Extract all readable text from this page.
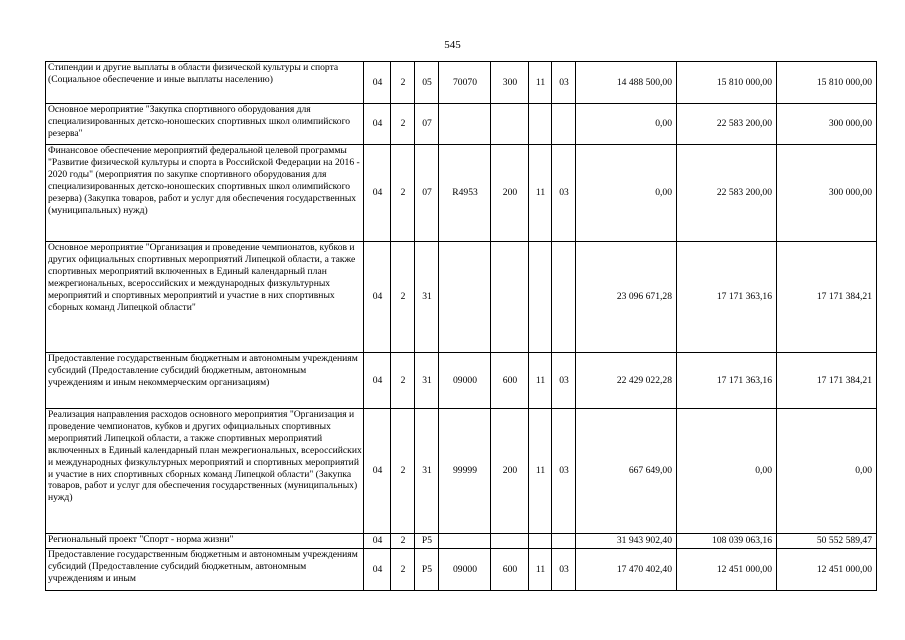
545
Стипендии и другие выплаты в области физической культуры и спорта (Социальное обеспечение и иные выплаты населению)	04	2	05	70070	300	11	03	14 488 500,00	15 810 000,00	15 810 000,00
Основное мероприятие "Закупка спортивного оборудования для специализированных детско-юношеских спортивных школ олимпийского резерва"	04	2	07					0,00	22 583 200,00	300 000,00
Финансовое обеспечение мероприятий федеральной целевой программы "Развитие физической культуры и спорта в Российской Федерации на 2016 - 2020 годы" (мероприятия по закупке спортивного оборудования для специализированных детско-юношеских спортивных школ олимпийского резерва) (Закупка товаров, работ и услуг для обеспечения государственных (муниципальных) нужд)	04	2	07	R4953	200	11	03	0,00	22 583 200,00	300 000,00
Основное мероприятие "Организация и проведение чемпионатов, кубков и других официальных спортивных мероприятий Липецкой области, а также спортивных мероприятий включенных в Единый календарный план межрегиональных, всероссийских и международных физкультурных мероприятий и спортивных мероприятий и участие в них спортивных сборных команд Липецкой области"	04	2	31					23 096 671,28	17 171 363,16	17 171 384,21
Предоставление государственным бюджетным и автономным учреждениям субсидий (Предоставление субсидий бюджетным, автономным учреждениям и иным некоммерческим организациям)	04	2	31	09000	600	11	03	22 429 022,28	17 171 363,16	17 171 384,21
Реализация направления расходов основного мероприятия "Организация и проведение чемпионатов, кубков и других официальных спортивных мероприятий Липецкой области, а также спортивных мероприятий включенных в Единый календарный план межрегиональных, всероссийских и международных физкультурных мероприятий и спортивных мероприятий и участие в них спортивных сборных команд Липецкой области" (Закупка товаров, работ и услуг для обеспечения государственных (муниципальных) нужд)	04	2	31	99999	200	11	03	667 649,00	0,00	0,00
Региональный проект "Спорт - норма жизни"	04	2	P5					31 943 902,40	108 039 063,16	50 552 589,47
Предоставление государственным бюджетным и автономным учреждениям субсидий (Предоставление субсидий бюджетным, автономным учреждениям и иным	04	2	P5	09000	600	11	03	17 470 402,40	12 451 000,00	12 451 000,00
